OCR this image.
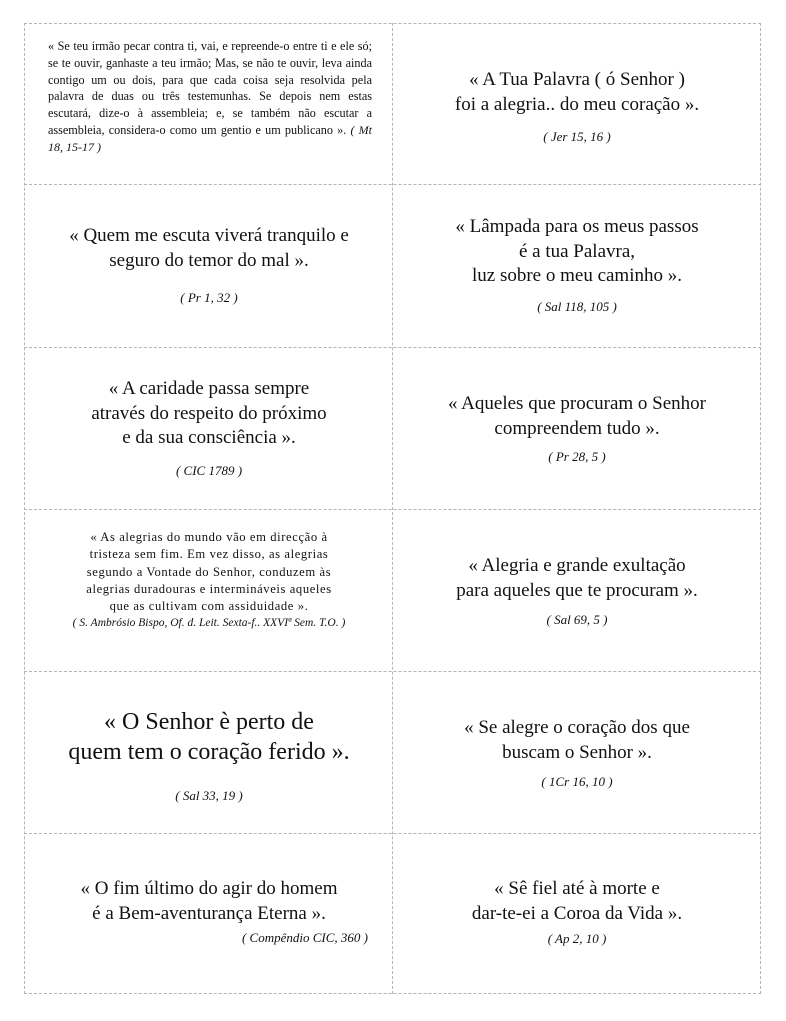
« Se teu irmão pecar contra ti, vai, e repreende-o entre ti e ele só; se te ouvir, ganhaste a teu irmão; Mas, se não te ouvir, leva ainda contigo um ou dois, para que cada coisa seja resolvida pela palavra de duas ou três testemunhas. Se depois nem estas escutará, dize-o à assembleia; e, se também não escutar a assembleia, considera-o como um gentio e um publicano ». ( Mt 18, 15-17 )

« A Tua Palavra ( ó Senhor )
foi a alegria.. do meu coração ».

( Jer 15, 16 )

« Quem me escuta viverá tranquilo e
seguro do temor do mal ».

( Pr 1, 32 )

« Lâmpada para os meus passos
é a tua Palavra,
luz sobre o meu caminho ».

( Sal 118, 105 )

« A caridade passa sempre
através do respeito do próximo
e da sua consciência ».

( CIC 1789 )

« Aqueles que procuram o Senhor
compreendem tudo ».

( Pr 28, 5 )

« As alegrias do mundo vão em direcção à
tristeza sem fim. Em vez disso, as alegrias
segundo a Vontade do Senhor, conduzem às
alegrias duradouras e intermináveis aqueles
que as cultivam com assiduidade ».

( S. Ambrósio Bispo, Of. d. Leit. Sexta-f.. XXVIª Sem. T.O. )

« Alegria e grande exultação
para aqueles que te procuram ».

( Sal 69, 5 )

« O Senhor è perto de
quem tem o coração ferido ».

( Sal 33, 19 )

« Se alegre o coração dos que
buscam o Senhor ».

( 1Cr 16, 10 )

« O fim último do agir do homem
é a Bem-aventurança Eterna ».

( Compêndio CIC, 360 )

« Sê fiel até à morte e
dar-te-ei a Coroa da Vida ».

( Ap 2, 10 )
